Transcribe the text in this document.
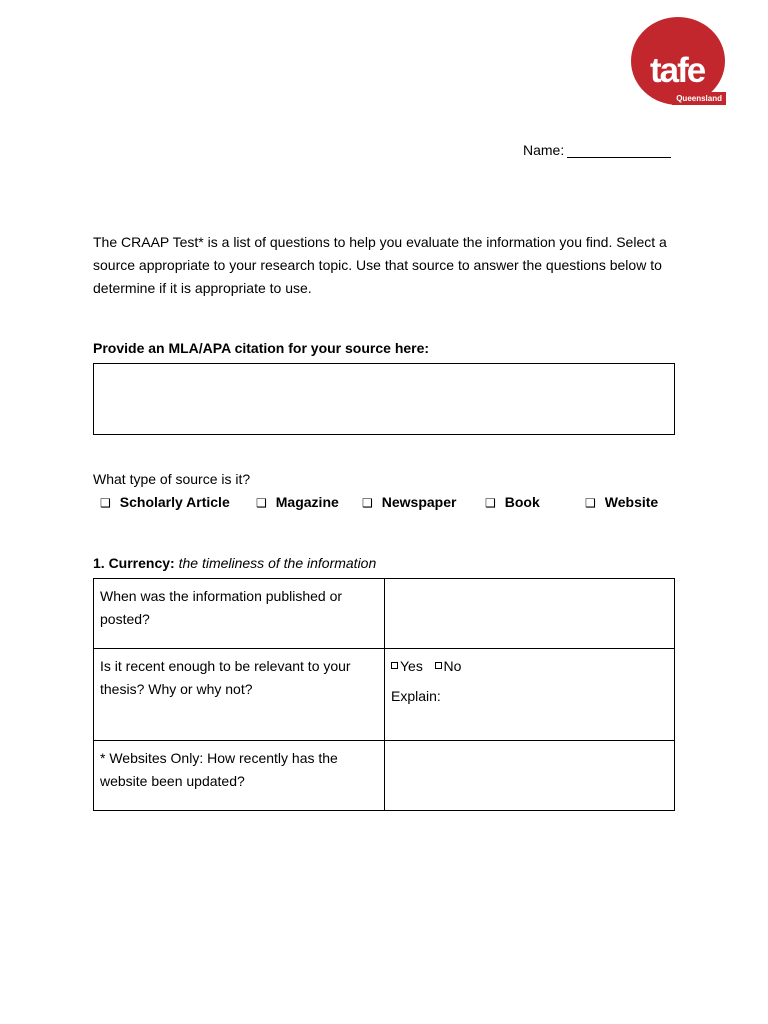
tafe
Queensland
Name:
The CRAAP Test* is a list of questions to help you evaluate the information you find. Select a source appropriate to your research topic. Use that source to answer the questions below to determine if it is appropriate to use.
Provide an MLA/APA citation for your source here:
What type of source is it?
❑ Scholarly Article ❑ Magazine ❑ Newspaper ❑ Book	❑ Website
1. Currency: the timeliness of the information
When was the information published or posted?	
Is it recent enough to be relevant to your thesis? Why or why not?	Yes No
Explain:

* Websites Only: How recently has the website been updated?	
